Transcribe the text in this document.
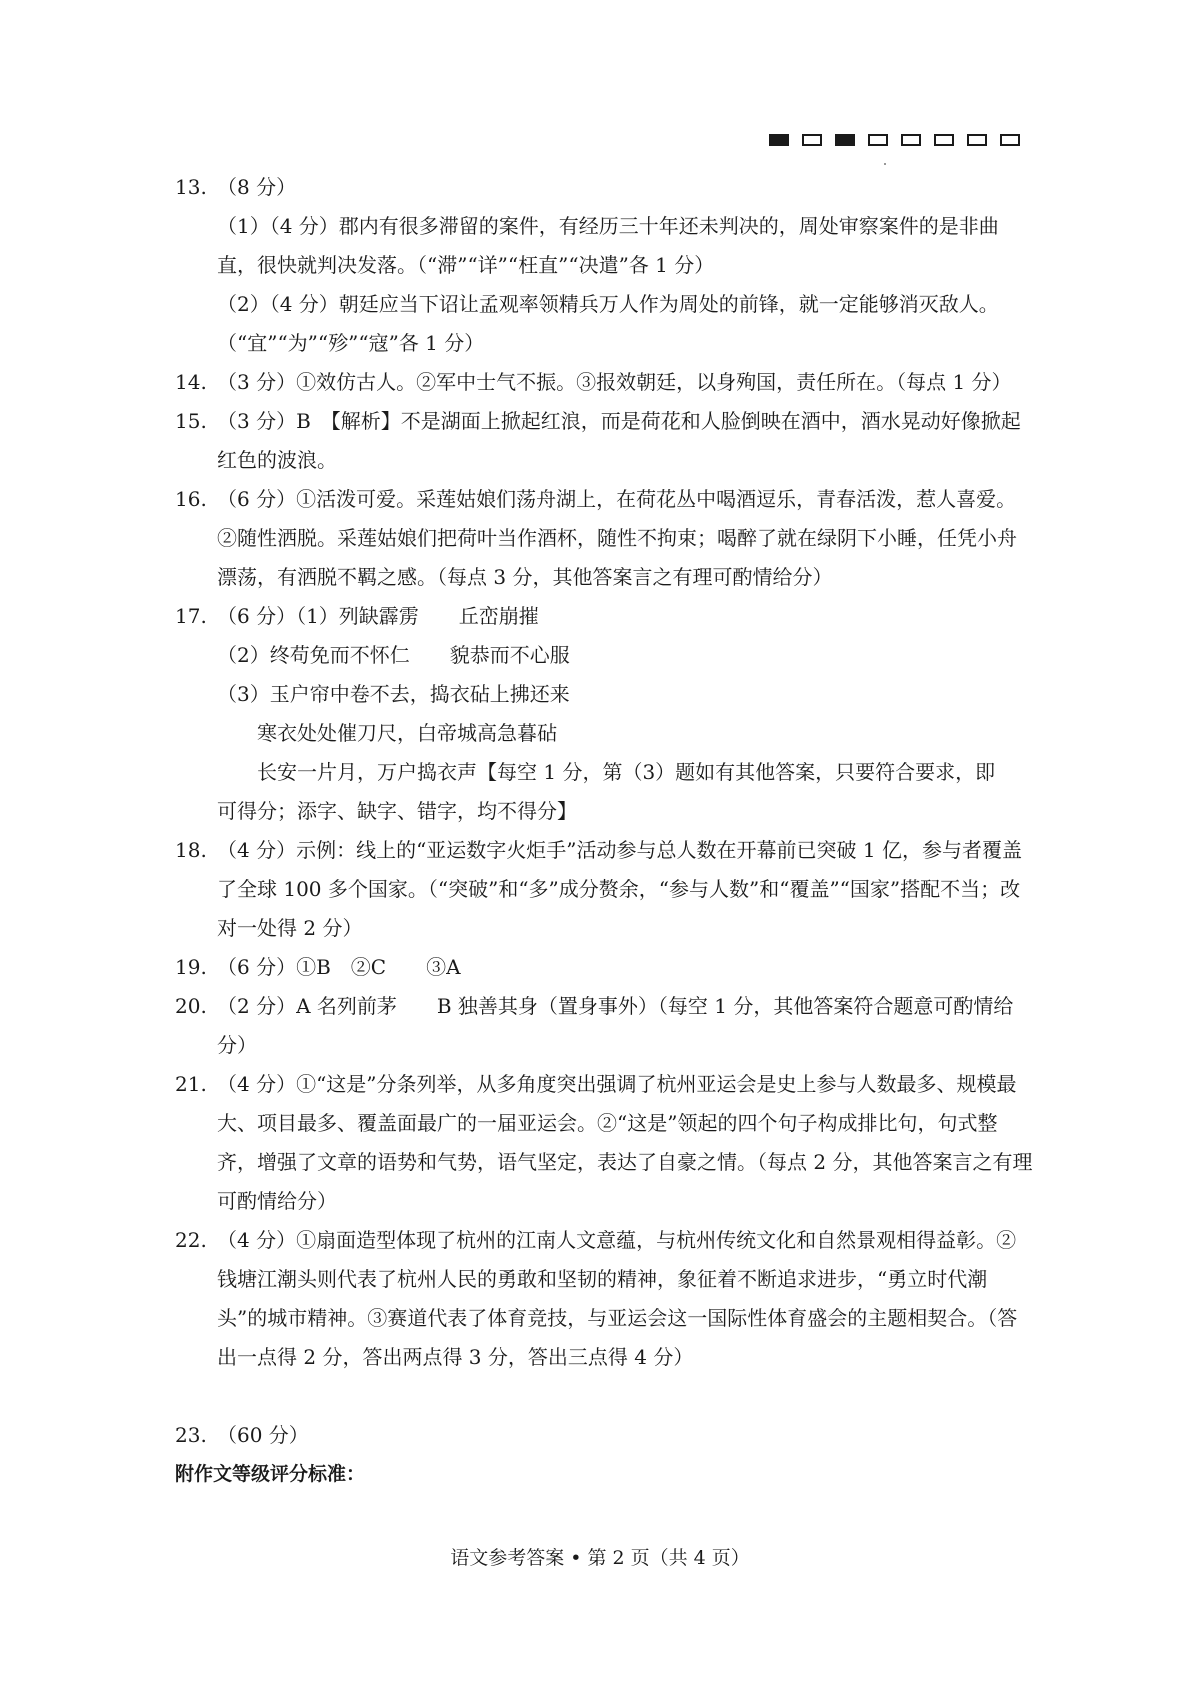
13. （8 分）
（1）（4 分）郡内有很多滞留的案件，有经历三十年还未判决的，周处审察案件的是非曲直，很快就判决发落。（“滞”“详”“枉直”“决遣”各 1 分）
（2）（4 分）朝廷应当下诏让孟观率领精兵万人作为周处的前锋，就一定能够消灭敌人。（“宜”“为”“殄”“寇”各 1 分）
14. （3 分）①效仿古人。②军中士气不振。③报效朝廷，以身殉国，责任所在。（每点 1 分）
15. （3 分）B　【解析】不是湖面上掀起红浪，而是荷花和人脸倒映在酒中，酒水晃动好像掀起红色的波浪。
16. （6 分）①活泼可爱。采莲姑娘们荡舟湖上，在荷花丛中喝酒逗乐，青春活泼，惹人喜爱。②随性洒脱。采莲姑娘们把荷叶当作酒杯，随性不拘束；喝醉了就在绿阴下小睡，任凭小舟漂荡，有洒脱不羁之感。（每点 3 分，其他答案言之有理可酌情给分）
17. （6 分）（1）列缺霹雳　　丘峦崩摧
（2）终苟免而不怀仁　　貌恭而不心服
（3）玉户帘中卷不去，捣衣砧上拂还来
寒衣处处催刀尺，白帝城高急暮砧
长安一片月，万户捣衣声【每空 1 分，第（3）题如有其他答案，只要符合要求，即
可得分；添字、缺字、错字，均不得分】
18. （4 分）示例：线上的“亚运数字火炬手”活动参与总人数在开幕前已突破 1 亿，参与者覆盖了全球 100 多个国家。（“突破”和“多”成分赘余，“参与人数”和“覆盖”“国家”搭配不当；改对一处得 2 分）
19. （6 分）①B　②C　　③A
20. （2 分）A 名列前茅　　B 独善其身（置身事外）（每空 1 分，其他答案符合题意可酌情给分）
21. （4 分）①“这是”分条列举，从多角度突出强调了杭州亚运会是史上参与人数最多、规模最大、项目最多、覆盖面最广的一届亚运会。②“这是”领起的四个句子构成排比句，句式整齐，增强了文章的语势和气势，语气坚定，表达了自豪之情。（每点 2 分，其他答案言之有理可酌情给分）
22. （4 分）①扇面造型体现了杭州的江南人文意蕴，与杭州传统文化和自然景观相得益彰。②钱塘江潮头则代表了杭州人民的勇敢和坚韧的精神，象征着不断追求进步，“勇立时代潮头”的城市精神。③赛道代表了体育竞技，与亚运会这一国际性体育盛会的主题相契合。（答出一点得 2 分，答出两点得 3 分，答出三点得 4 分）
23. （60 分）
附作文等级评分标准：
语文参考答案 • 第 2 页（共 4 页）
